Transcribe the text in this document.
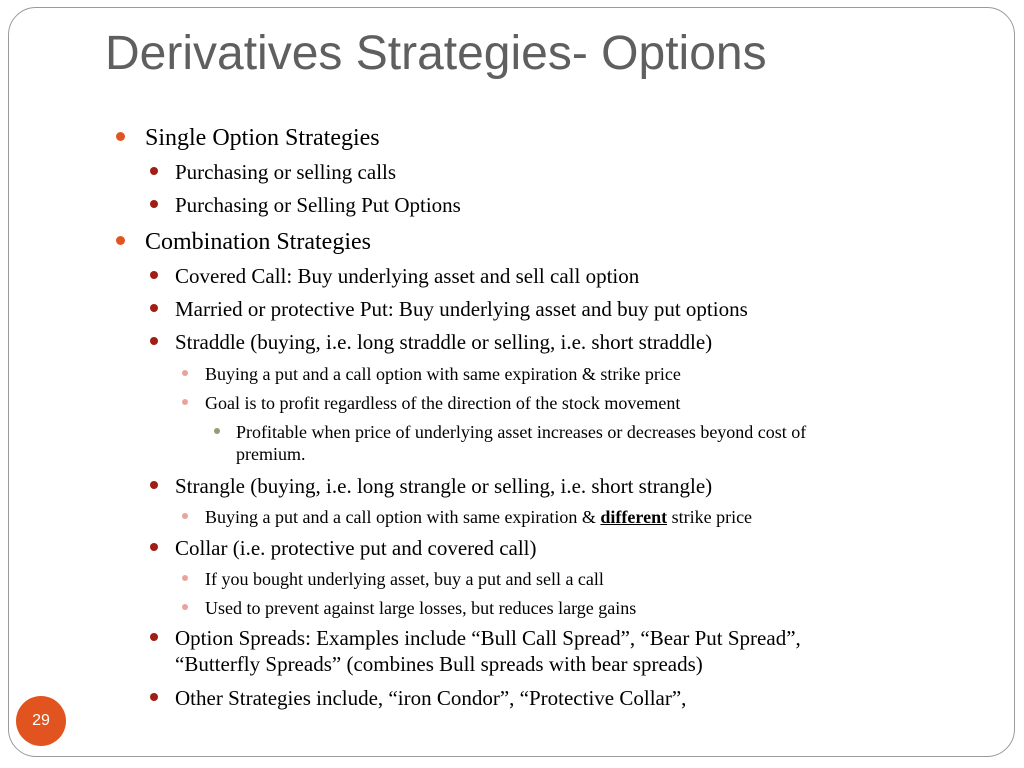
Derivatives Strategies- Options
Single Option Strategies
Purchasing or selling calls
Purchasing or Selling Put Options
Combination Strategies
Covered Call: Buy underlying asset and sell call option
Married or protective Put: Buy underlying asset and buy put options
Straddle (buying, i.e. long straddle or selling, i.e. short straddle)
Buying a put and a call option with same expiration & strike price
Goal is to profit regardless of the direction of the stock movement
Profitable when price of underlying asset increases or decreases beyond cost of
premium.
Strangle (buying, i.e. long strangle or selling, i.e. short strangle)
Buying a put and a call option with same expiration & different strike price
Collar (i.e. protective put and covered call)
If you bought underlying asset, buy a put and sell a call
Used to prevent against large losses, but reduces large gains
Option Spreads: Examples include “Bull Call Spread”, “Bear Put Spread”,
“Butterfly Spreads” (combines Bull spreads with bear spreads)
Other Strategies include, “iron Condor”, “Protective Collar”,
29
